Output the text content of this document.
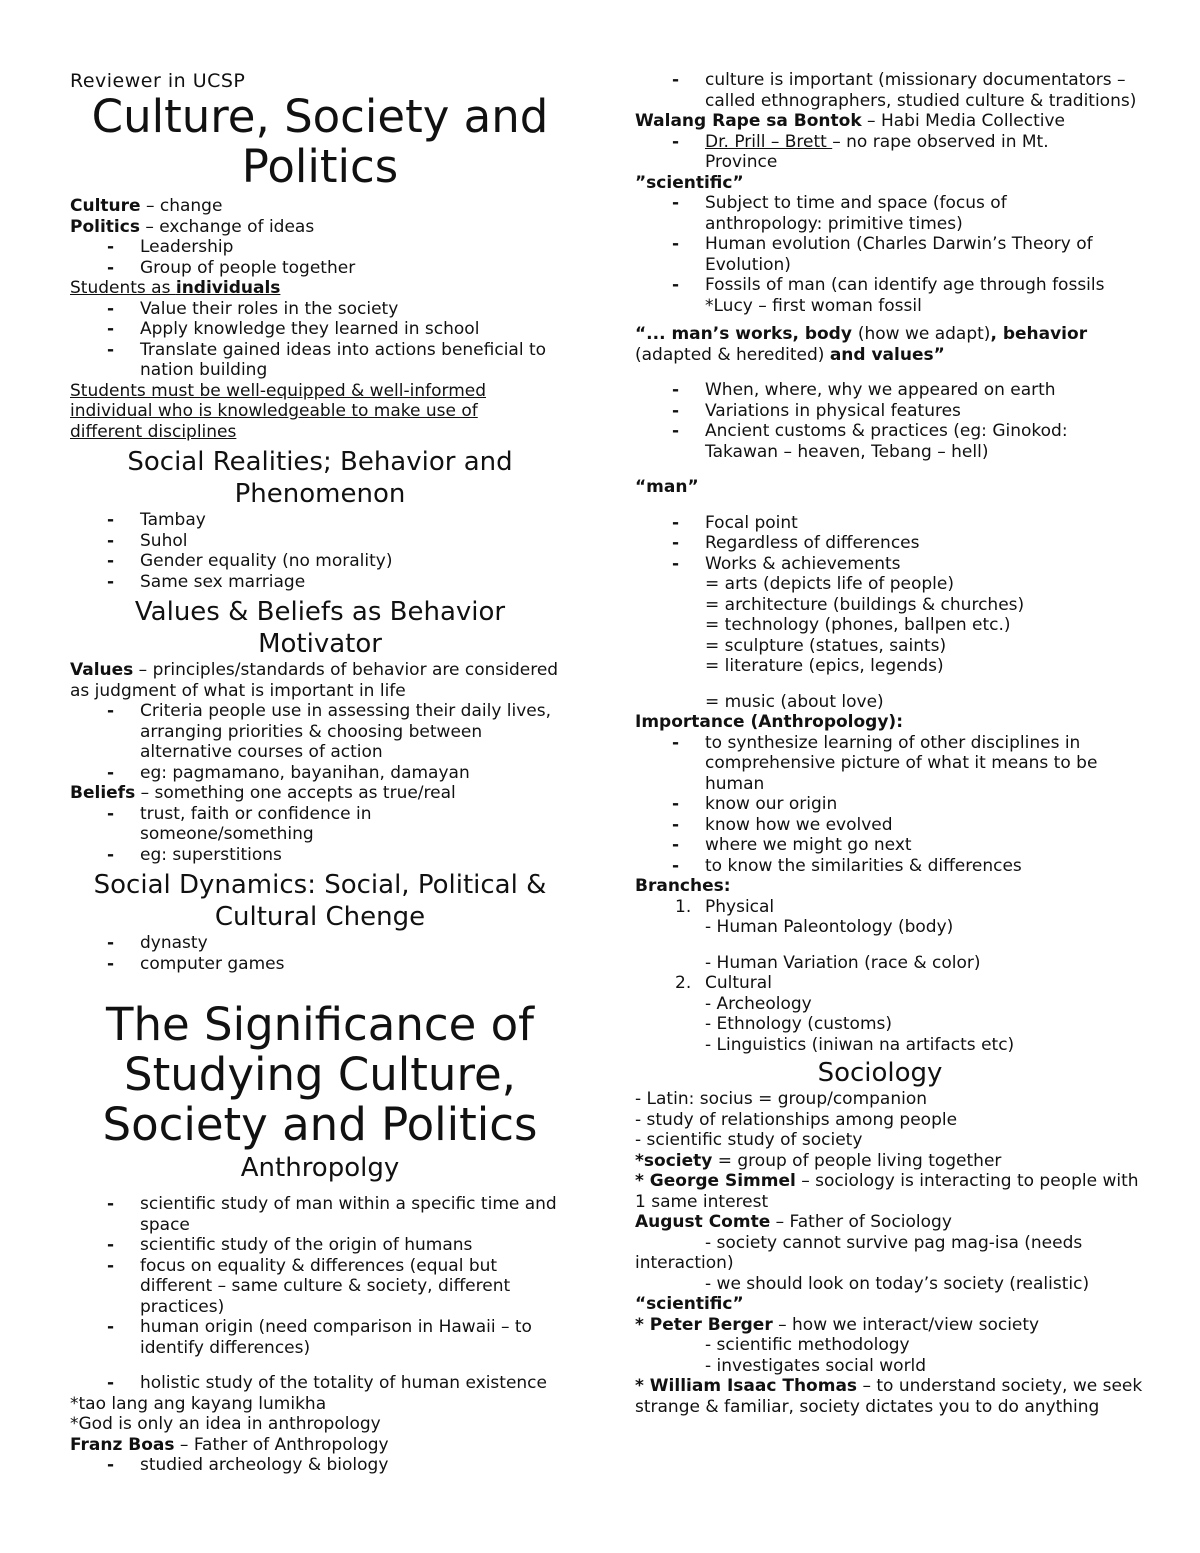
Reviewer in UCSP
Culture, Society and
Politics
Culture – change
Politics – exchange of ideas
- Leadership
- Group of people together
Students as individuals
- Value their roles in the society
- Apply knowledge they learned in school
- Translate gained ideas into actions beneficial to nation building
Students must be well-equipped & well-informed individual who is knowledgeable to make use of different disciplines
Social Realities; Behavior and Phenomenon
- Tambay
- Suhol
- Gender equality (no morality)
- Same sex marriage
Values & Beliefs as Behavior Motivator
Values – principles/standards of behavior are considered as judgment of what is important in life
- Criteria people use in assessing their daily lives, arranging priorities & choosing between alternative courses of action
- eg: pagmamano, bayanihan, damayan
Beliefs – something one accepts as true/real
- trust, faith or confidence in someone/something
- eg: superstitions
Social Dynamics: Social, Political & Cultural Chenge
- dynasty
- computer games
The Significance of Studying Culture, Society and Politics
Anthropolgy
- scientific study of man within a specific time and space
- scientific study of the origin of humans
- focus on equality & differences (equal but different – same culture & society, different practices)
- human origin (need comparison in Hawaii – to identify differences)
- holistic study of the totality of human existence
*tao lang ang kayang lumikha
*God is only an idea in anthropology
Franz Boas – Father of Anthropology
- studied archeology & biology
- culture is important (missionary documentators – called ethnographers, studied culture & traditions)
Walang Rape sa Bontok – Habi Media Collective
- Dr. Prill – Brett – no rape observed in Mt. Province
”scientific”
- Subject to time and space (focus of anthropology: primitive times)
- Human evolution (Charles Darwin’s Theory of Evolution)
- Fossils of man (can identify age through fossils *Lucy – first woman fossil
“... man’s works, body (how we adapt), behavior (adapted & heredited) and values”
- When, where, why we appeared on earth
- Variations in physical features
- Ancient customs & practices (eg: Ginokod: Takawan – heaven, Tebang – hell)
“man”
- Focal point
- Regardless of differences
- Works & achievements
= arts (depicts life of people)
= architecture (buildings & churches)
= technology (phones, ballpen etc.)
= sculpture (statues, saints)
= literature (epics, legends)
= music (about love)
Importance (Anthropology):
- to synthesize learning of other disciplines in comprehensive picture of what it means to be human
- know our origin
- know how we evolved
- where we might go next
- to know the similarities & differences
Branches:
1. Physical
- Human Paleontology (body)
- Human Variation (race & color)
2. Cultural
- Archeology
- Ethnology (customs)
- Linguistics (iniwan na artifacts etc)
Sociology
- Latin: socius = group/companion
- study of relationships among people
- scientific study of society
*society = group of people living together
* George Simmel – sociology is interacting to people with 1 same interest
August Comte – Father of Sociology
- society cannot survive pag mag-isa (needs interaction)
- we should look on today’s society (realistic)
“scientific”
* Peter Berger – how we interact/view society
- scientific methodology
- investigates social world
* William Isaac Thomas – to understand society, we seek strange & familiar, society dictates you to do anything
